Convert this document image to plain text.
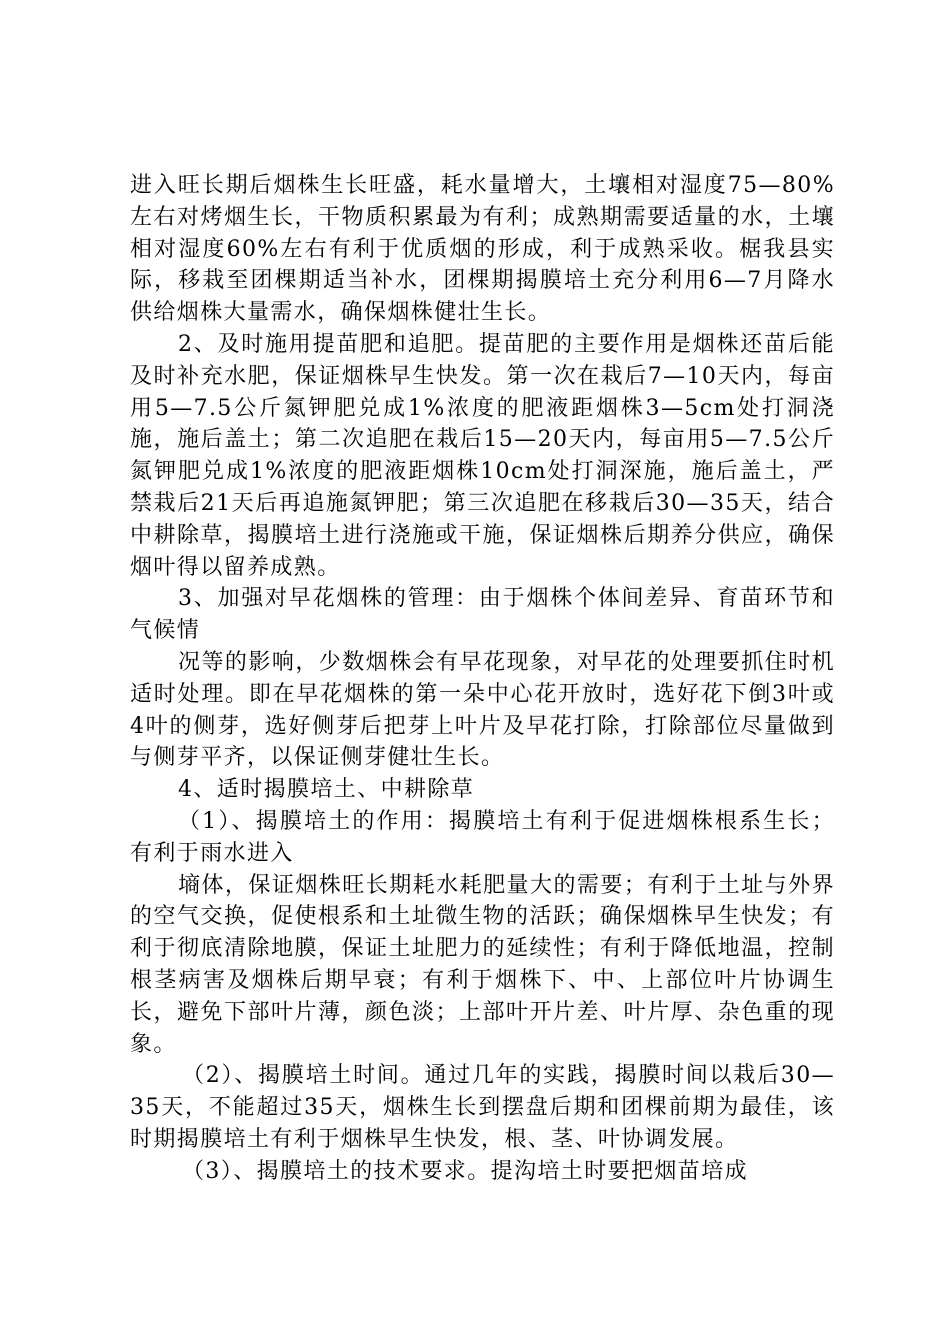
进入旺长期后烟株生长旺盛，耗水量增大，土壤相对湿度75—80%左右对烤烟生长，干物质积累最为有利；成熟期需要适量的水，土壤相对湿度60%左右有利于优质烟的形成，利于成熟采收。椐我县实际，移栽至团棵期适当补水，团棵期揭膜培土充分利用6—7月降水供给烟株大量需水，确保烟株健壮生长。

2、及时施用提苗肥和追肥。提苗肥的主要作用是烟株还苗后能及时补充水肥，保证烟株早生快发。第一次在栽后7—10天内，每亩用5—7.5公斤氮钾肥兑成1%浓度的肥液距烟株3—5cm处打洞浇施，施后盖土；第二次追肥在栽后15—20天内，每亩用5—7.5公斤氮钾肥兑成1%浓度的肥液距烟株10cm处打洞深施，施后盖土，严禁栽后21天后再追施氮钾肥；第三次追肥在移栽后30—35天，结合中耕除草，揭膜培土进行浇施或干施，保证烟株后期养分供应，确保烟叶得以留养成熟。

3、加强对早花烟株的管理：由于烟株个体间差异、育苗环节和气候情

况等的影响，少数烟株会有早花现象，对早花的处理要抓住时机适时处理。即在早花烟株的第一朵中心花开放时，选好花下倒3叶或4叶的侧芽，选好侧芽后把芽上叶片及早花打除，打除部位尽量做到与侧芽平齐，以保证侧芽健壮生长。

4、适时揭膜培土、中耕除草

（1）、揭膜培土的作用：揭膜培土有利于促进烟株根系生长；有利于雨水进入

墒体，保证烟株旺长期耗水耗肥量大的需要；有利于土址与外界的空气交换，促使根系和土址微生物的活跃；确保烟株早生快发；有利于彻底清除地膜，保证土址肥力的延续性；有利于降低地温，控制根茎病害及烟株后期早衰；有利于烟株下、中、上部位叶片协调生长，避免下部叶片薄，颜色淡；上部叶开片差、叶片厚、杂色重的现象。

（2）、揭膜培土时间。通过几年的实践，揭膜时间以栽后30—35天，不能超过35天，烟株生长到摆盘后期和团棵前期为最佳，该时期揭膜培土有利于烟株早生快发，根、茎、叶协调发展。

（3）、揭膜培土的技术要求。提沟培土时要把烟苗培成
